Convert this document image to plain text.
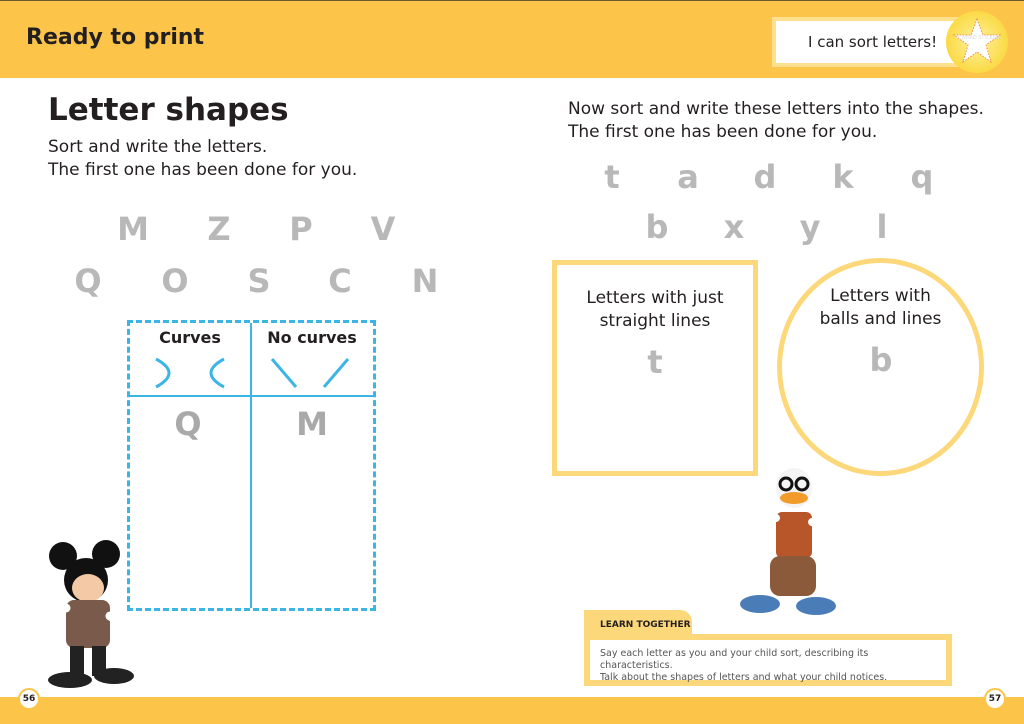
Ready to print	I can sort letters!	REWARD STICKER
Letter shapes
Sort and write the letters.
The first one has been done for you.
M Z P V
Q O S C N
Curves	No curves
Q	M
Now sort and write these letters into the shapes.
The first one has been done for you.
t	a d k q
b	x	y	l
Letters with just
straight lines
t
Letters with
balls and lines
b
LEARN TOGETHER
Say each letter as you and your child sort, describing its characteristics.
Talk about the shapes of letters and what your child notices.
56	57
